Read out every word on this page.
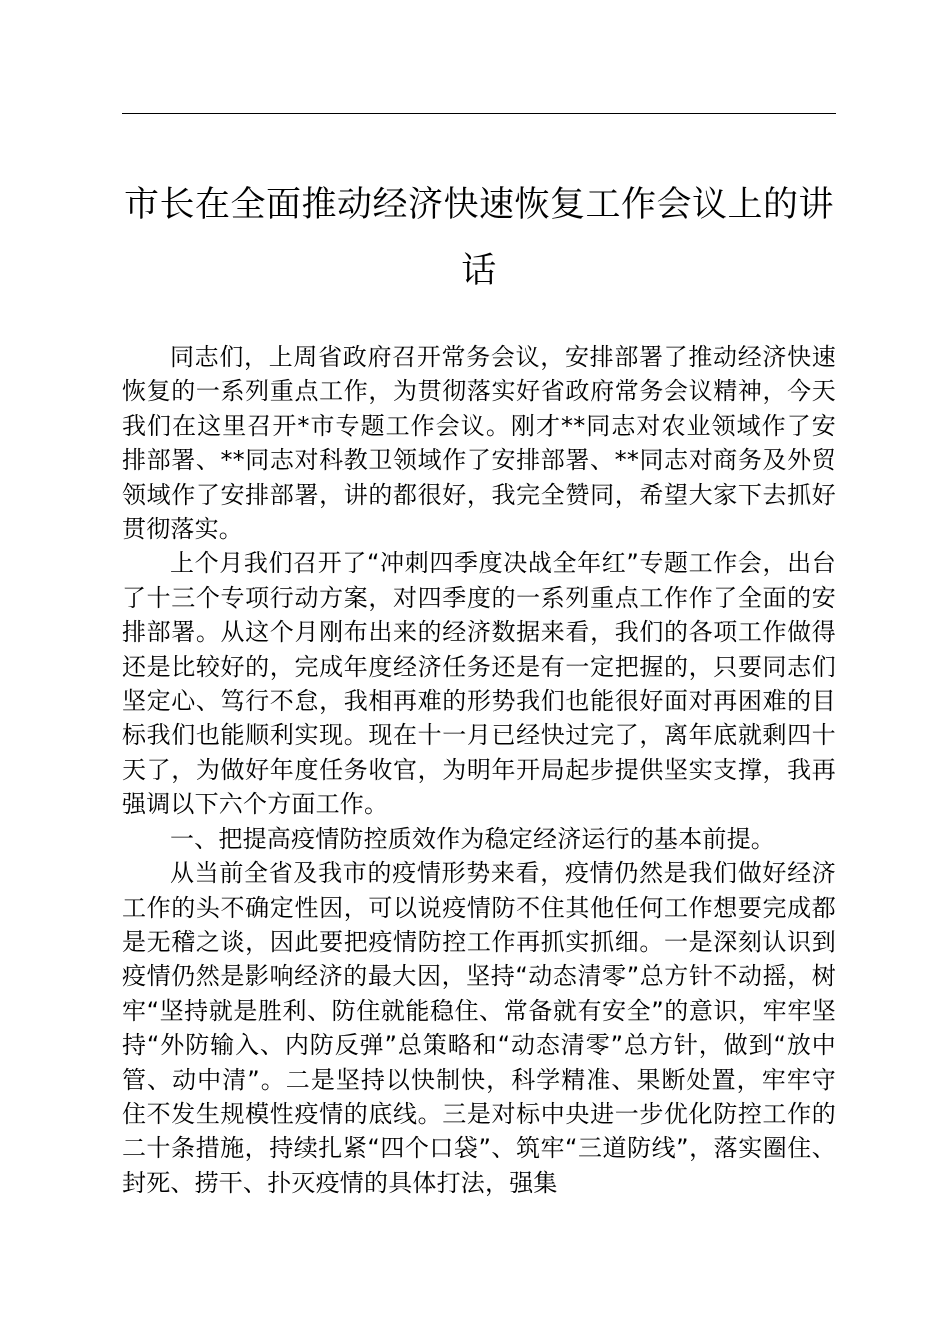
市长在全面推动经济快速恢复工作会议上的讲话

同志们，上周省政府召开常务会议，安排部署了推动经济快速恢复的一系列重点工作，为贯彻落实好省政府常务会议精神，今天我们在这里召开*市专题工作会议。刚才**同志对农业领域作了安排部署、**同志对科教卫领域作了安排部署、**同志对商务及外贸领域作了安排部署，讲的都很好，我完全赞同，希望大家下去抓好贯彻落实。

上个月我们召开了“冲刺四季度决战全年红”专题工作会，出台了十三个专项行动方案，对四季度的一系列重点工作作了全面的安排部署。从这个月刚布出来的经济数据来看，我们的各项工作做得还是比较好的，完成年度经济任务还是有一定把握的，只要同志们坚定心、笃行不怠，我相再难的形势我们也能很好面对再困难的目标我们也能顺利实现。现在十一月已经快过完了，离年底就剩四十天了，为做好年度任务收官，为明年开局起步提供坚实支撑，我再强调以下六个方面工作。

一、把提高疫情防控质效作为稳定经济运行的基本前提。

从当前全省及我市的疫情形势来看，疫情仍然是我们做好经济工作的头不确定性因，可以说疫情防不住其他任何工作想要完成都是无稽之谈，因此要把疫情防控工作再抓实抓细。一是深刻认识到疫情仍然是影响经济的最大因，坚持“动态清零”总方针不动摇，树牢“坚持就是胜利、防住就能稳住、常备就有安全”的意识，牢牢坚持“外防输入、内防反弹”总策略和“动态清零”总方针，做到“放中管、动中清”。二是坚持以快制快，科学精准、果断处置，牢牢守住不发生规模性疫情的底线。三是对标中央进一步优化防控工作的二十条措施，持续扎紧“四个口袋”、筑牢“三道防线”，落实圈住、封死、捞干、扑灭疫情的具体打法，强集
